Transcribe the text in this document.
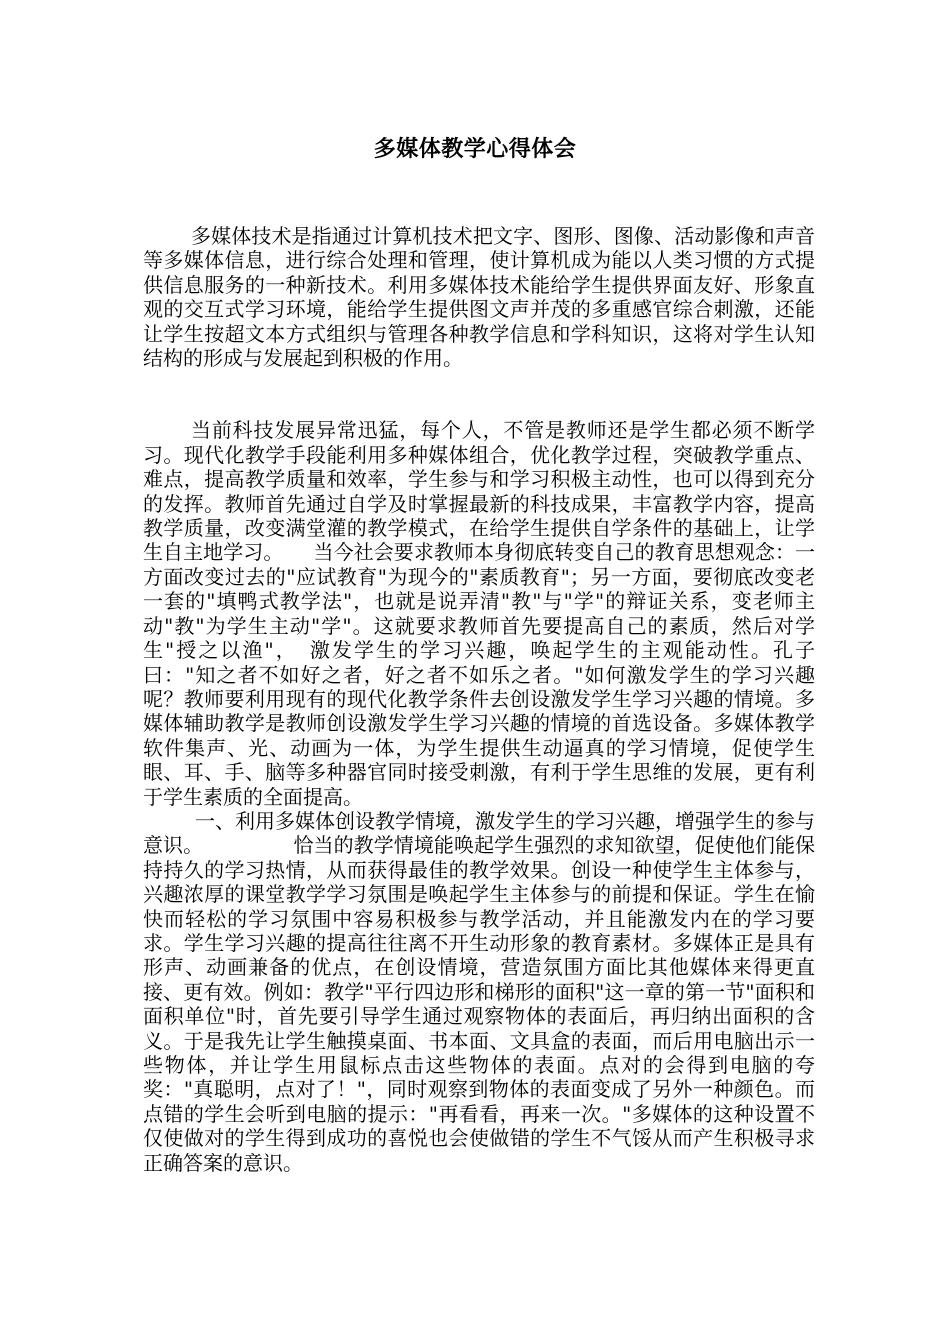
多媒体教学心得体会

多媒体技术是指通过计算机技术把文字、图形、图像、活动影像和声音等多媒体信息，进行综合处理和管理，使计算机成为能以人类习惯的方式提供信息服务的一种新技术。利用多媒体技术能给学生提供界面友好、形象直观的交互式学习环境，能给学生提供图文声并茂的多重感官综合刺激，还能让学生按超文本方式组织与管理各种教学信息和学科知识，这将对学生认知结构的形成与发展起到积极的作用。

当前科技发展异常迅猛，每个人，不管是教师还是学生都必须不断学习。现代化教学手段能利用多种媒体组合，优化教学过程，突破教学重点、难点，提高教学质量和效率，学生参与和学习积极主动性，也可以得到充分的发挥。教师首先通过自学及时掌握最新的科技成果，丰富教学内容，提高教学质量，改变满堂灌的教学模式，在给学生提供自学条件的基础上，让学生自主地学习。　　当今社会要求教师本身彻底转变自己的教育思想观念：一方面改变过去的"应试教育"为现今的"素质教育"；另一方面，要彻底改变老一套的"填鸭式教学法"，也就是说弄清"教"与"学"的辩证关系，变老师主动"教"为学生主动"学"。这就要求教师首先要提高自己的素质，然后对学生"授之以渔"，　激发学生的学习兴趣，唤起学生的主观能动性。孔子曰："知之者不如好之者，好之者不如乐之者。"如何激发学生的学习兴趣呢？教师要利用现有的现代化教学条件去创设激发学生学习兴趣的情境。多媒体辅助教学是教师创设激发学生学习兴趣的情境的首选设备。多媒体教学软件集声、光、动画为一体，为学生提供生动逼真的学习情境，促使学生眼、耳、手、脑等多种器官同时接受刺激，有利于学生思维的发展，更有利于学生素质的全面提高。

一、利用多媒体创设教学情境，激发学生的学习兴趣，增强学生的参与意识。　　　　　恰当的教学情境能唤起学生强烈的求知欲望，促使他们能保持持久的学习热情，从而获得最佳的教学效果。创设一种使学生主体参与，兴趣浓厚的课堂教学学习氛围是唤起学生主体参与的前提和保证。学生在愉快而轻松的学习氛围中容易积极参与教学活动，并且能激发内在的学习要求。学生学习兴趣的提高往往离不开生动形象的教育素材。多媒体正是具有形声、动画兼备的优点，在创设情境，营造氛围方面比其他媒体来得更直接、更有效。例如：教学"平行四边形和梯形的面积"这一章的第一节"面积和面积单位"时，首先要引导学生通过观察物体的表面后，再归纳出面积的含义。于是我先让学生触摸桌面、书本面、文具盒的表面，而后用电脑出示一些物体，并让学生用鼠标点击这些物体的表面。点对的会得到电脑的夸奖："真聪明，点对了！"，同时观察到物体的表面变成了另外一种颜色。而点错的学生会听到电脑的提示："再看看，再来一次。"多媒体的这种设置不仅使做对的学生得到成功的喜悦也会使做错的学生不气馁从而产生积极寻求正确答案的意识。
